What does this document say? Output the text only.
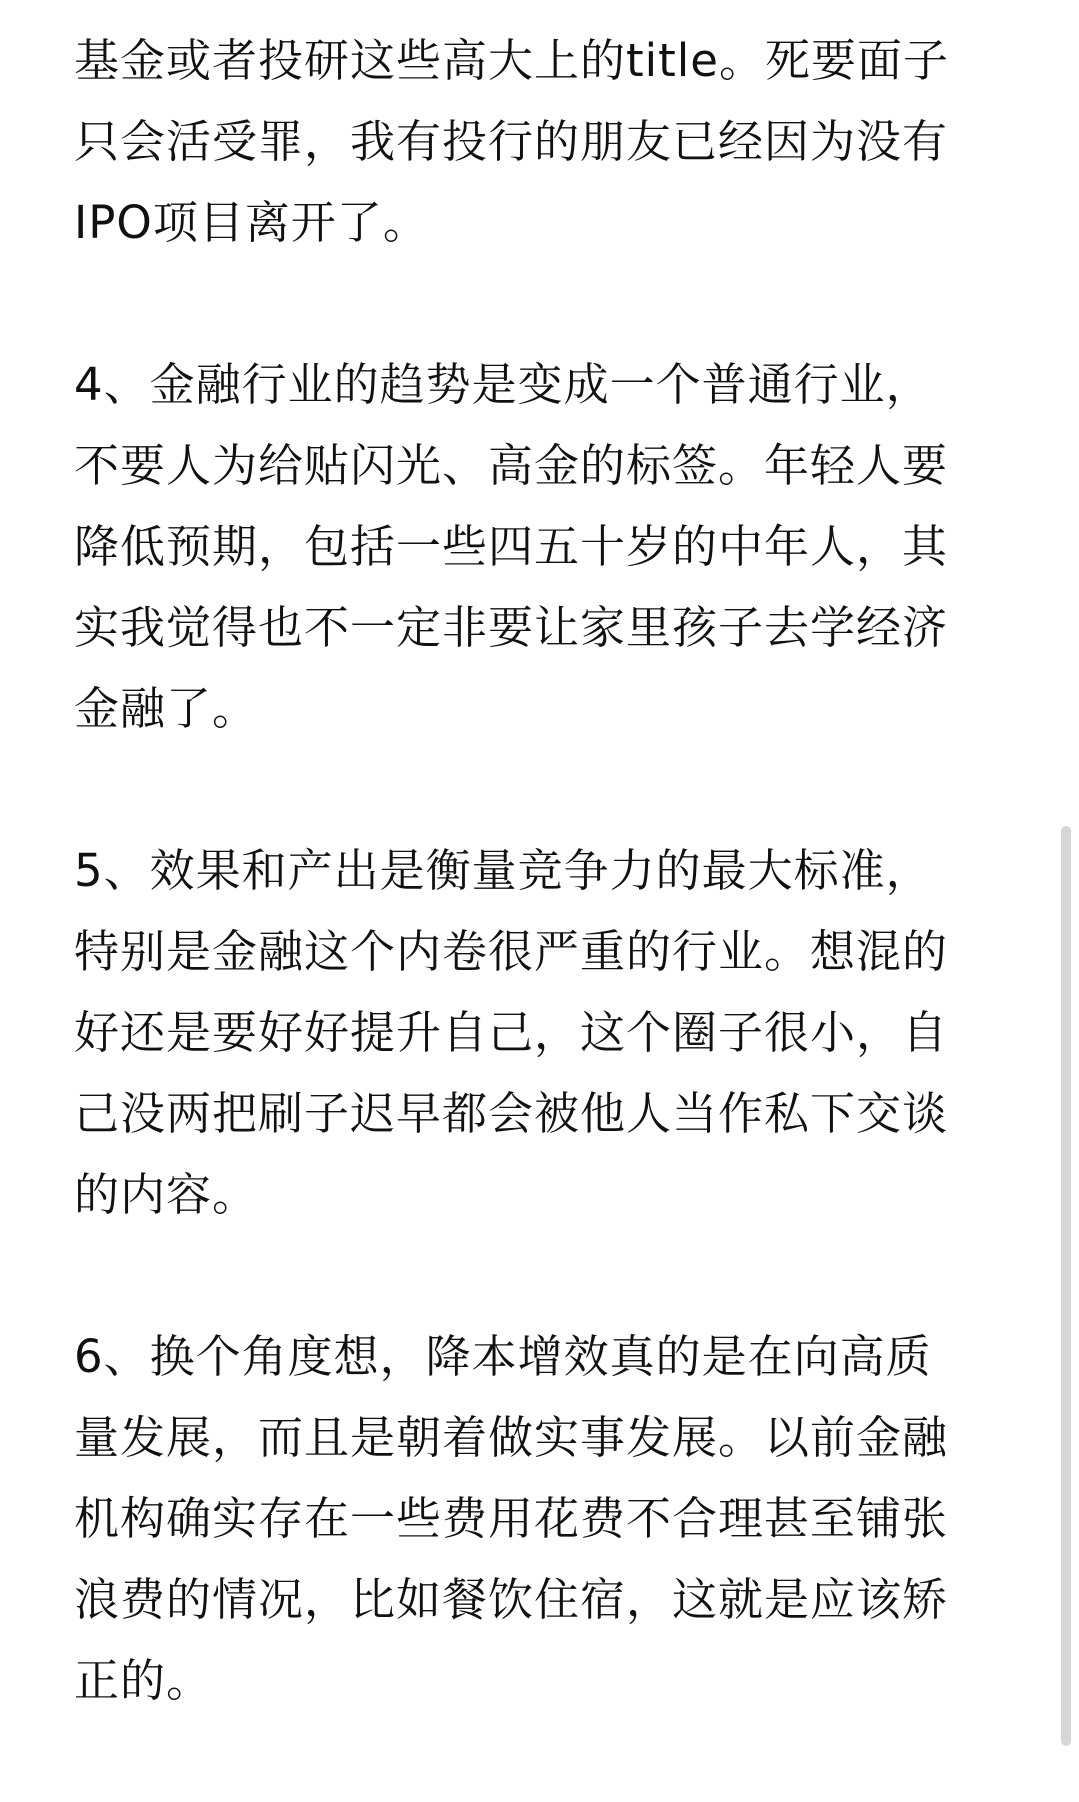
基金或者投研这些高大上的title。死要面子
只会活受罪，我有投行的朋友已经因为没有
IPO项目离开了。

4、金融行业的趋势是变成一个普通行业，
不要人为给贴闪光、高金的标签。年轻人要
降低预期，包括一些四五十岁的中年人，其
实我觉得也不一定非要让家里孩子去学经济
金融了。

5、效果和产出是衡量竞争力的最大标准，
特别是金融这个内卷很严重的行业。想混的
好还是要好好提升自己，这个圈子很小，自
己没两把刷子迟早都会被他人当作私下交谈
的内容。

6、换个角度想，降本增效真的是在向高质
量发展，而且是朝着做实事发展。以前金融
机构确实存在一些费用花费不合理甚至铺张
浪费的情况，比如餐饮住宿，这就是应该矫
正的。
